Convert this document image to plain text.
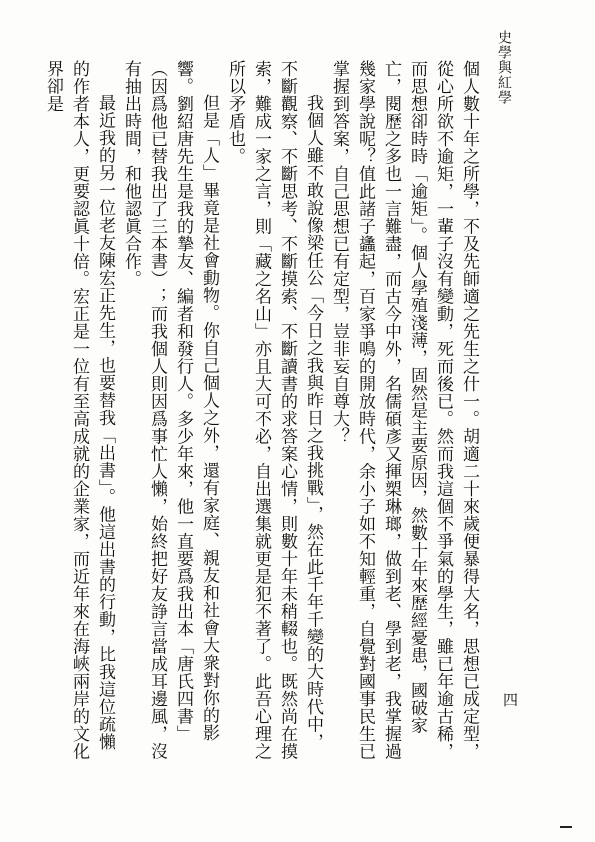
史學與紅學
四

個人數十年之所學，不及先師適之先生之什一。胡適二十來歲便暴得大名，思想已成定型，從心所欲不逾矩，一輩子沒有變動，死而後已。然而我這個不爭氣的學生，雖已年逾古稀，而思想卻時時「逾矩」。個人學殖淺薄，固然是主要原因，然數十年來歷經憂患，國破家亡，閱歷之多也一言難盡，而古今中外，名儒碩彥又揮槊琳瑯，做到老、學到老，我掌握過幾家學說呢？值此諸子蠭起，百家爭鳴的開放時代，余小子如不知輕重，自覺對國事民生已掌握到答案，自己思想已有定型，豈非妄自尊大？

我個人雖不敢說像梁任公「今日之我與昨日之我挑戰」，然在此千年千變的大時代中，不斷觀察、不斷思考、不斷摸索、不斷讀書的求答案心情，則數十年未稍輟也。既然尚在摸索，難成一家之言，則「藏之名山」亦且大可不必，自出選集就更是犯不著了。此吾心理之所以矛盾也。

但是「人」畢竟是社會動物。你自己個人之外，還有家庭、親友和社會大衆對你的影響。劉紹唐先生是我的摯友、編者和發行人。多少年來，他一直要爲我出本「唐氏四書」（因爲他已替我出了三本書）；而我個人則因爲事忙人懶，始終把好友諍言當成耳邊風，沒有抽出時間，和他認眞合作。

最近我的另一位老友陳宏正先生，也要替我「出書」。他這出書的行動，比我這位疏懶的作者本人，更要認眞十倍。宏正是一位有至高成就的企業家，而近年來在海峽兩岸的文化界卻是
